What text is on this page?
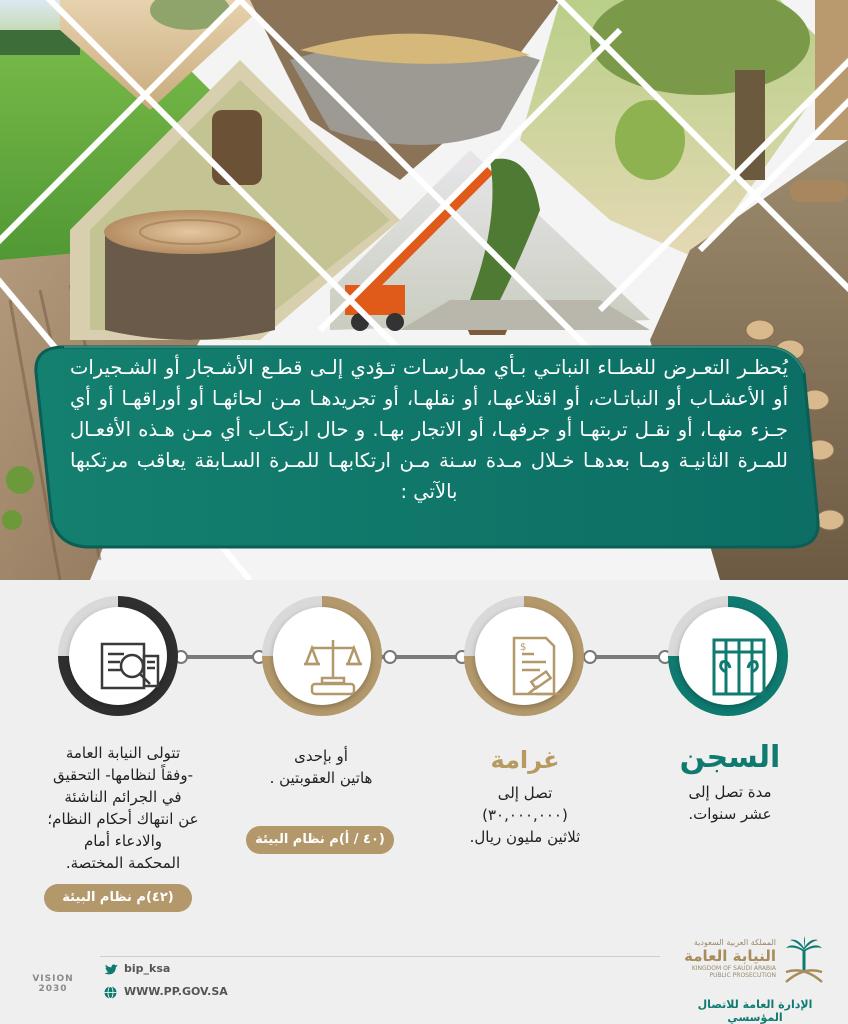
يُحظـر التعـرض للغطـاء النباتـي بـأي ممارسـات تـؤدي إلـى قطـع الأشـجار أو الشـجيرات أو الأعشـاب أو النباتـات، أو اقتلاعهـا، أو نقلهـا، أو تجريدهـا مـن لحائهـا أو أوراقهـا أو أي جـزء منهـا، أو نقـل تربتهـا أو جرفهـا، أو الاتجار بهـا. و حال ارتكـاب أي مـن هـذه الأفعـال للمـرة الثانيـة ومـا بعدهـا خـلال مـدة سـنة مـن ارتكابهـا للمـرة السـابقة يعاقب مرتكبها بالآتي :
$
السجن
مدة تصل إلى
عشر سنوات.
غرامة
تصل إلى
(٣٠,٠٠٠,٠٠٠)
ثلاثين مليون ريال.
أو بإحدى
هاتين العقوبتين .
(٤٠ / أ)م نظام البيئة
تتولى النيابة العامة
-وفقاً لنظامها- التحقيق
في الجرائم الناشئة
عن انتهاك أحكام النظام؛
والادعاء أمام
المحكمة المختصة.
(٤٢)م نظام البيئة
VISION 2030
bip_ksa
WWW.PP.GOV.SA
المملكة العربية السعودية
النيابة العامة
KINGDOM OF SAUDI ARABIA
PUBLIC PROSECUTION
الإدارة العامة للاتصال المؤسسي
